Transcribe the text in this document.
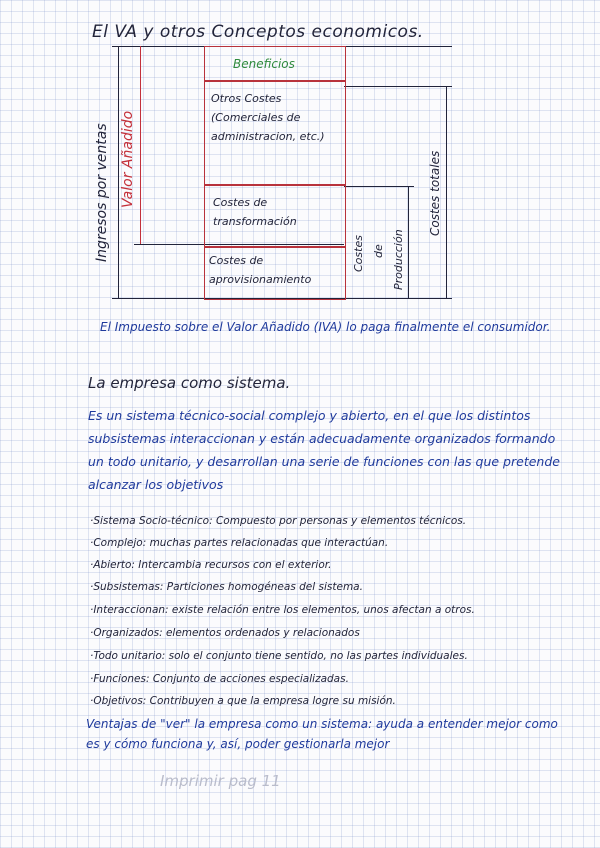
El VA y otros Conceptos economicos.
Beneficios
Otros Costes (Comerciales de administracion, etc.)
Costes de transformación
Costes de aprovisionamiento
Ingresos por ventas Valor Añadido	Costes totales
Costes de Producción
El Impuesto sobre el Valor Añadido (IVA) lo paga finalmente el consumidor.
La empresa como sistema.
Es un sistema técnico-social complejo y abierto, en el que los distintos subsistemas interaccionan y están adecuadamente organizados formando un todo unitario, y desarrollan una serie de funciones con las que pretende alcanzar los objetivos
·Sistema Socio-técnico: Compuesto por personas y elementos técnicos.
·Complejo: muchas partes relacionadas que interactúan.
·Abierto: Intercambia recursos con el exterior.
·Subsistemas: Particiones homogéneas del sistema.
·Interaccionan: existe relación entre los elementos, unos afectan a otros.
·Organizados: elementos ordenados y relacionados
·Todo unitario: solo el conjunto tiene sentido, no las partes individuales.
·Funciones: Conjunto de acciones especializadas.
·Objetivos: Contribuyen a que la empresa logre su misión.
Ventajas de "ver" la empresa como un sistema: ayuda a entender mejor como es y cómo funciona y, así, poder gestionarla mejor
Imprimir pag 11
